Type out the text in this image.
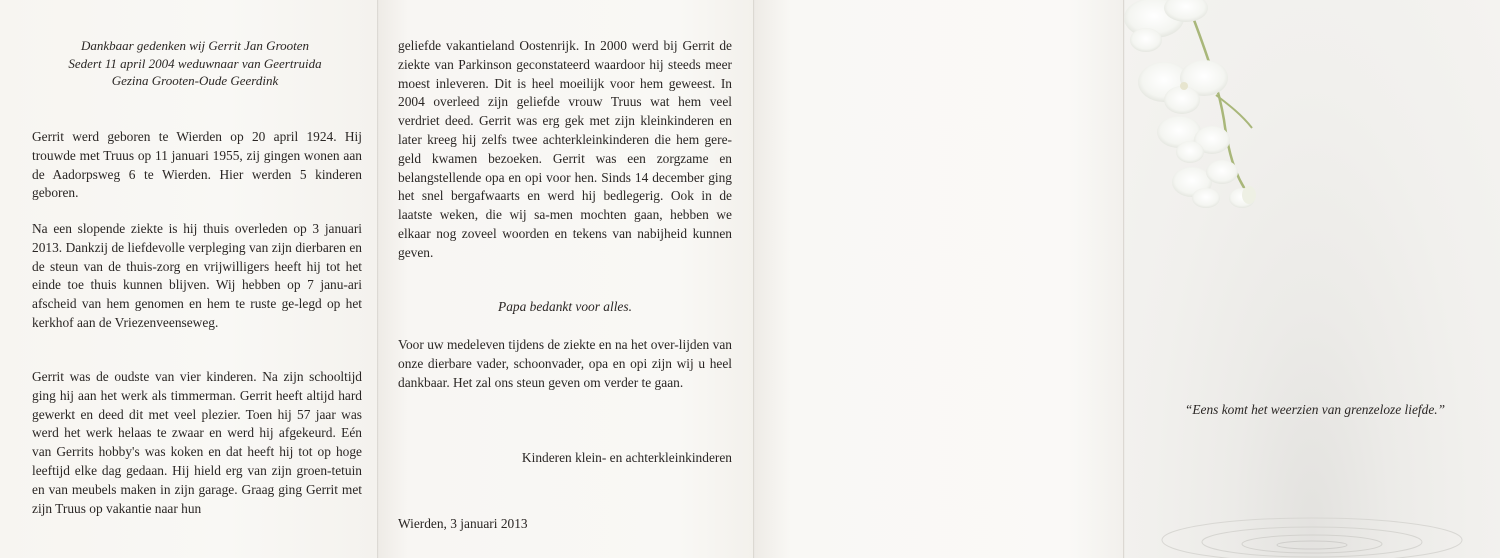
Dankbaar gedenken wij Gerrit Jan Grooten
Sedert 11 april 2004 weduwnaar van Geertruida
Gezina Grooten-Oude Geerdink
Gerrit werd geboren te Wierden op 20 april 1924. Hij trouwde met Truus op 11 januari 1955, zij gingen wonen aan de Aadorpsweg 6 te Wierden. Hier werden 5 kinderen geboren.
Na een slopende ziekte is hij thuis overleden op 3 januari 2013. Dankzij de liefdevolle verpleging van zijn dierbaren en de steun van de thuis-zorg en vrijwilligers heeft hij tot het einde toe thuis kunnen blijven. Wij hebben op 7 janu-ari afscheid van hem genomen en hem te ruste ge-legd op het kerkhof aan de Vriezenveenseweg.
Gerrit was de oudste van vier kinderen. Na zijn schooltijd ging hij aan het werk als timmerman. Gerrit heeft altijd hard gewerkt en deed dit met veel plezier. Toen hij 57 jaar was werd het werk helaas te zwaar en werd hij afgekeurd. Eén van Gerrits hobby's was koken en dat heeft hij tot op hoge leeftijd elke dag gedaan. Hij hield erg van zijn groen-tetuin en van meubels maken in zijn garage. Graag ging Gerrit met zijn Truus op vakantie naar hun
geliefde vakantieland Oostenrijk. In 2000 werd bij Gerrit de ziekte van Parkinson geconstateerd waardoor hij steeds meer moest inleveren. Dit is heel moeilijk voor hem geweest. In 2004 overleed zijn geliefde vrouw Truus wat hem veel verdriet deed. Gerrit was erg gek met zijn kleinkinderen en later kreeg hij zelfs twee achterkleinkinderen die hem gere-geld kwamen bezoeken. Gerrit was een zorgzame en belangstellende opa en opi voor hen. Sinds 14 december ging het snel bergafwaarts en werd hij bedlegerig. Ook in de laatste weken, die wij sa-men mochten gaan, hebben we elkaar nog zoveel woorden en tekens van nabijheid kunnen geven.
Papa bedankt voor alles.
Voor uw medeleven tijdens de ziekte en na het over-lijden van onze dierbare vader, schoonvader, opa en opi zijn wij u heel dankbaar. Het zal ons steun geven om verder te gaan.
Kinderen klein- en achterkleinkinderen
Wierden, 3 januari 2013
“Eens komt het weerzien van grenzeloze liefde.”
